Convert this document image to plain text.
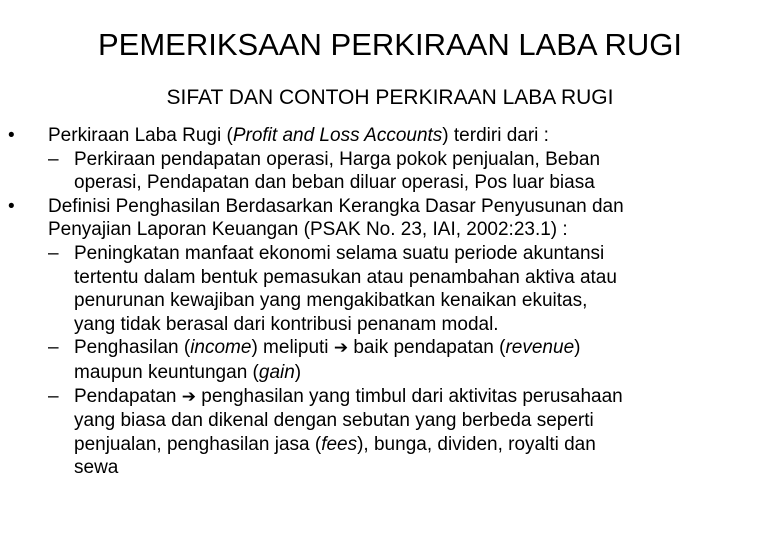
PEMERIKSAAN PERKIRAAN LABA RUGI
SIFAT DAN CONTOH PERKIRAAN LABA RUGI
• Perkiraan Laba Rugi (Profit and Loss Accounts) terdiri dari :
– Perkiraan pendapatan operasi, Harga pokok penjualan, Beban
operasi, Pendapatan dan beban diluar operasi, Pos luar biasa
• Definisi Penghasilan Berdasarkan Kerangka Dasar Penyusunan dan
Penyajian Laporan Keuangan (PSAK No. 23, IAI, 2002:23.1) :
– Peningkatan manfaat ekonomi selama suatu periode akuntansi
tertentu dalam bentuk pemasukan atau penambahan aktiva atau
penurunan kewajiban yang mengakibatkan kenaikan ekuitas,
yang tidak berasal dari kontribusi penanam modal.
– Penghasilan (income) meliputi ➔ baik pendapatan (revenue)
maupun keuntungan (gain)
– Pendapatan ➔ penghasilan yang timbul dari aktivitas perusahaan
yang biasa dan dikenal dengan sebutan yang berbeda seperti
penjualan, penghasilan jasa (fees), bunga, dividen, royalti dan
sewa
